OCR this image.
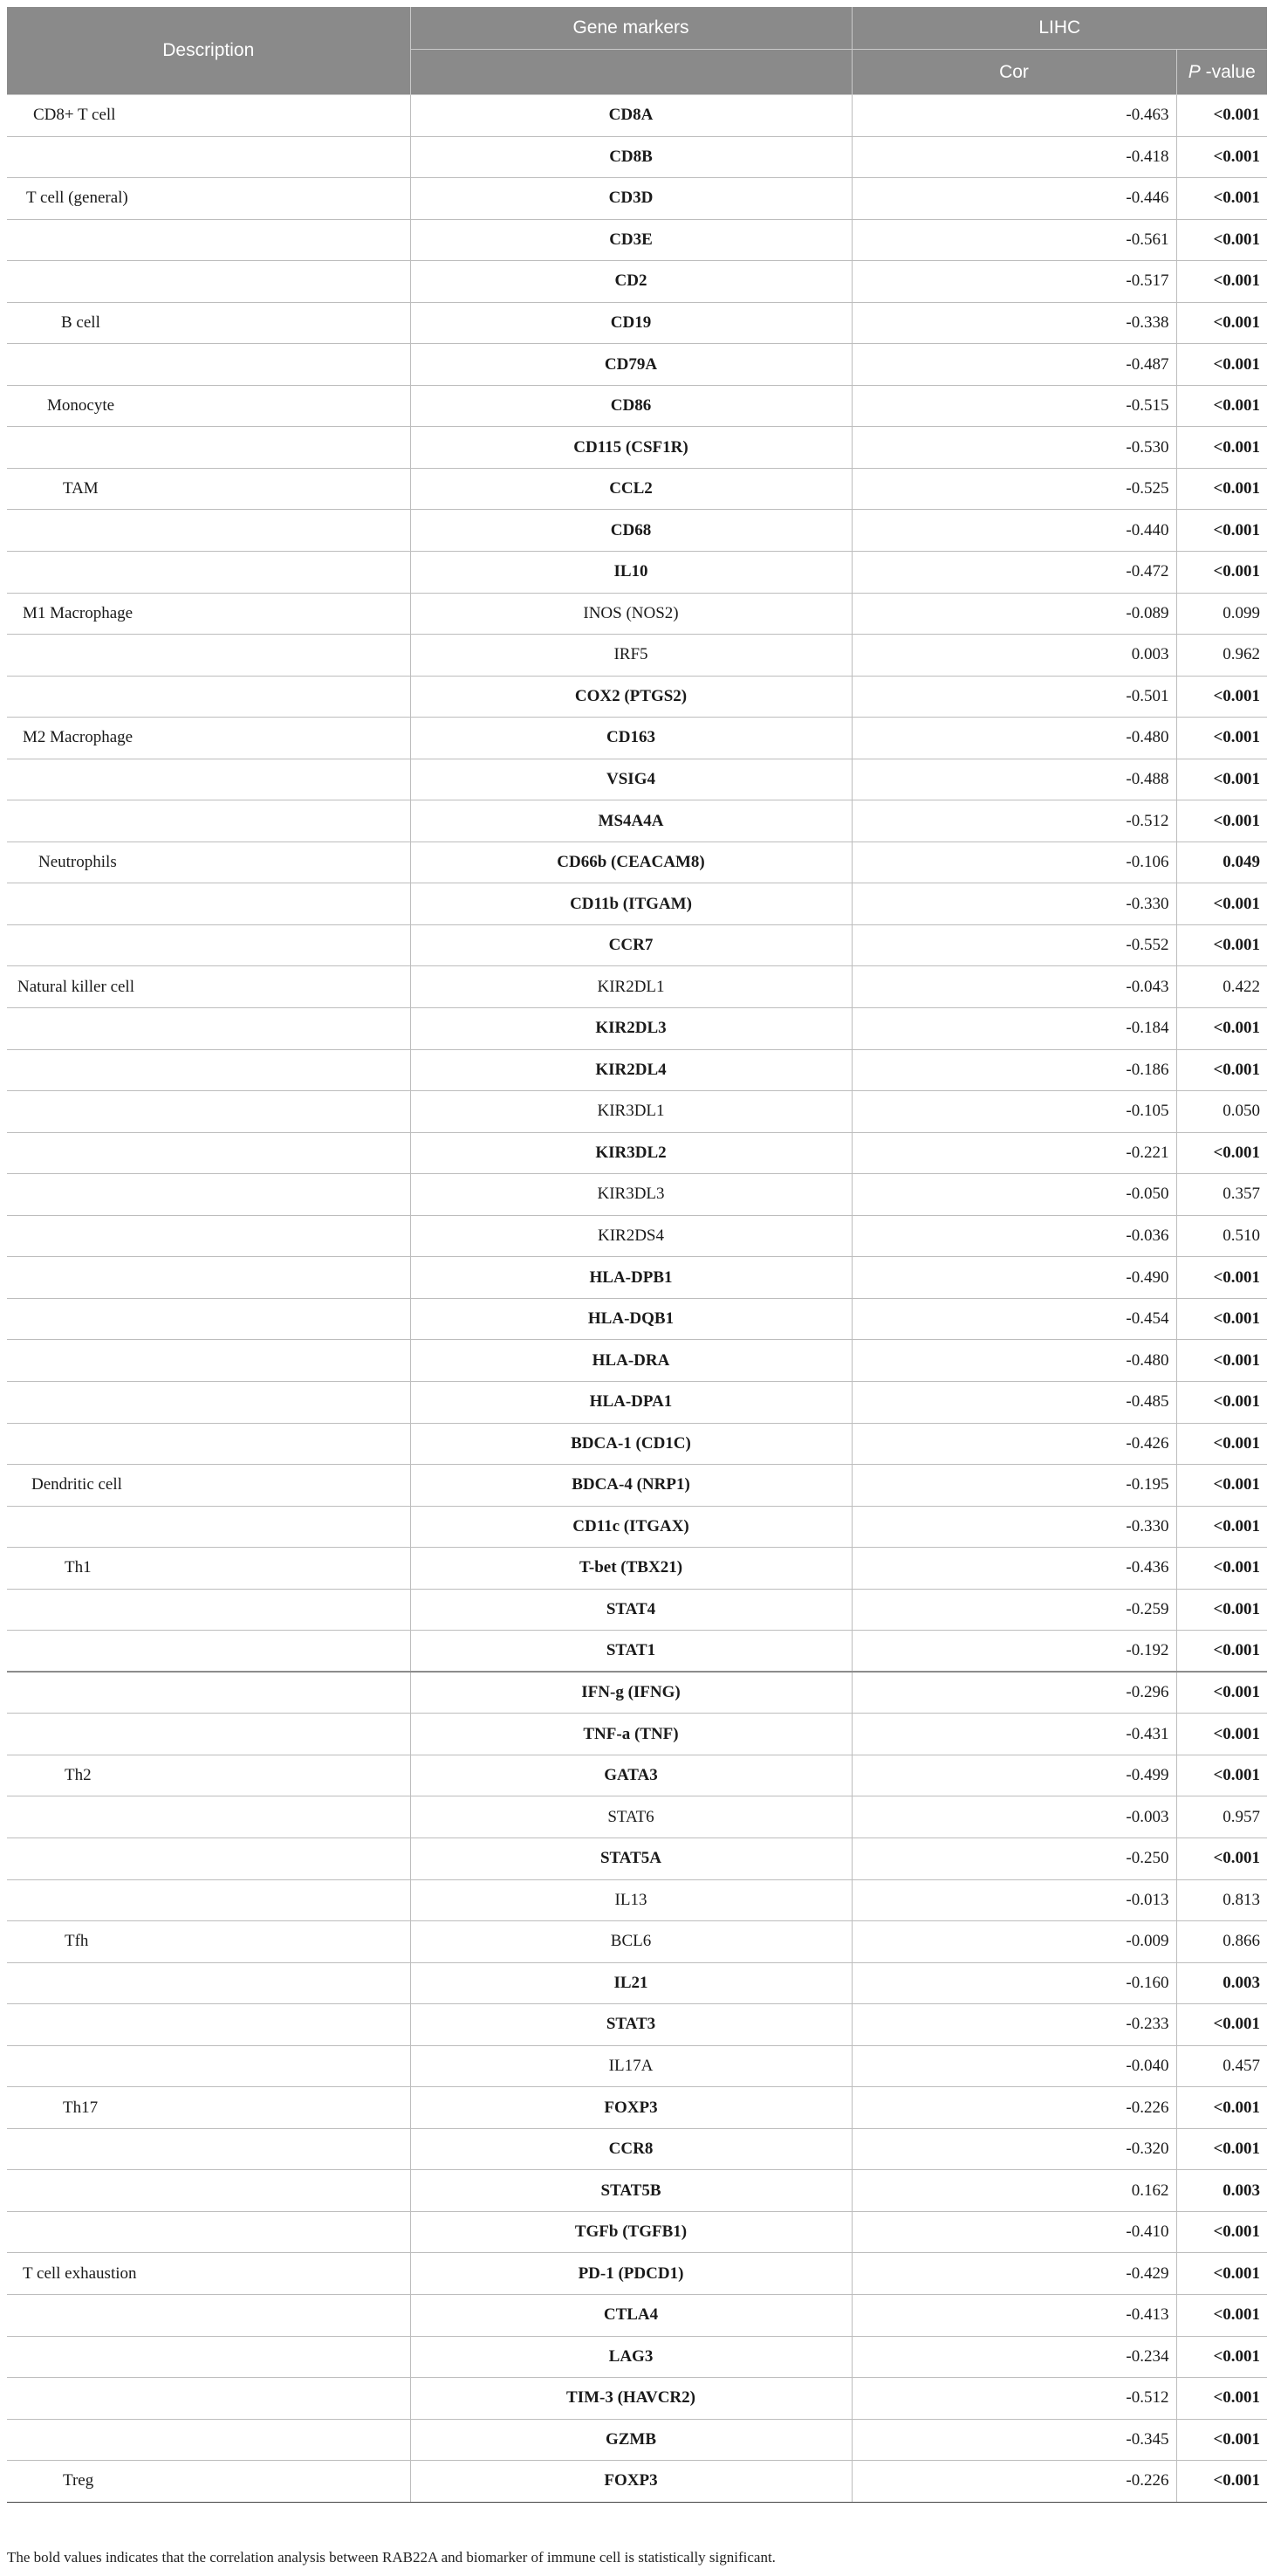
Description	Gene markers	LIHC	
		Cor	P -value
CD8+ T cell	CD8A	-0.463	<0.001
	CD8B	-0.418	<0.001
T cell (general)	CD3D	-0.446	<0.001
	CD3E	-0.561	<0.001
	CD2	-0.517	<0.001
B cell	CD19	-0.338	<0.001
	CD79A	-0.487	<0.001
Monocyte	CD86	-0.515	<0.001
	CD115 (CSF1R)	-0.530	<0.001
TAM	CCL2	-0.525	<0.001
	CD68	-0.440	<0.001
	IL10	-0.472	<0.001
M1 Macrophage	INOS (NOS2)	-0.089	0.099
	IRF5	0.003	0.962
	COX2 (PTGS2)	-0.501	<0.001
M2 Macrophage	CD163	-0.480	<0.001
	VSIG4	-0.488	<0.001
	MS4A4A	-0.512	<0.001
Neutrophils	CD66b (CEACAM8)	-0.106	0.049
	CD11b (ITGAM)	-0.330	<0.001
	CCR7	-0.552	<0.001
Natural killer cell	KIR2DL1	-0.043	0.422
	KIR2DL3	-0.184	<0.001
	KIR2DL4	-0.186	<0.001
	KIR3DL1	-0.105	0.050
	KIR3DL2	-0.221	<0.001
	KIR3DL3	-0.050	0.357
	KIR2DS4	-0.036	0.510
	HLA-DPB1	-0.490	<0.001
	HLA-DQB1	-0.454	<0.001
	HLA-DRA	-0.480	<0.001
	HLA-DPA1	-0.485	<0.001
	BDCA-1 (CD1C)	-0.426	<0.001
Dendritic cell	BDCA-4 (NRP1)	-0.195	<0.001
	CD11c (ITGAX)	-0.330	<0.001
Th1	T-bet (TBX21)	-0.436	<0.001
	STAT4	-0.259	<0.001
	STAT1	-0.192	<0.001
	IFN-g (IFNG)	-0.296	<0.001
	TNF-a (TNF)	-0.431	<0.001
Th2	GATA3	-0.499	<0.001
	STAT6	-0.003	0.957
	STAT5A	-0.250	<0.001
	IL13	-0.013	0.813
Tfh	BCL6	-0.009	0.866
	IL21	-0.160	0.003
	STAT3	-0.233	<0.001
	IL17A	-0.040	0.457
Th17	FOXP3	-0.226	<0.001
	CCR8	-0.320	<0.001
	STAT5B	0.162	0.003
	TGFb (TGFB1)	-0.410	<0.001
T cell exhaustion	PD-1 (PDCD1)	-0.429	<0.001
	CTLA4	-0.413	<0.001
	LAG3	-0.234	<0.001
	TIM-3 (HAVCR2)	-0.512	<0.001
	GZMB	-0.345	<0.001
Treg	FOXP3	-0.226	<0.001
The bold values indicates that the correlation analysis between RAB22A and biomarker of immune cell is statistically significant.
